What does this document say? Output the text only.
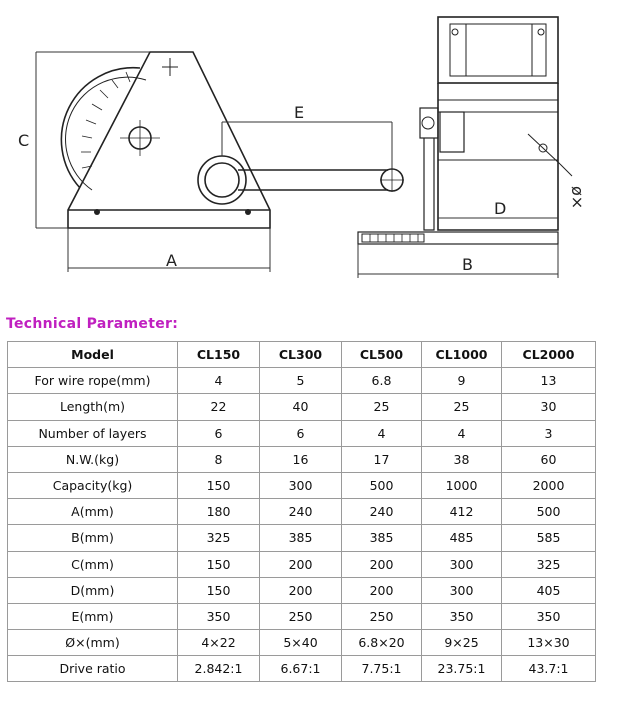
C
A
E
D
B
ø×
Technical Parameter:
Model	CL150	CL300	CL500	CL1000	CL2000
For wire rope(mm)	4	5	6.8	9	13
Length(m)	22	40	25	25	30
Number of layers	6	6	4	4	3
N.W.(kg)	8	16	17	38	60
Capacity(kg)	150	300	500	1000	2000
A(mm)	180	240	240	412	500
B(mm)	325	385	385	485	585
C(mm)	150	200	200	300	325
D(mm)	150	200	200	300	405
E(mm)	350	250	250	350	350
Ø×(mm)	4×22	5×40	6.8×20	9×25	13×30
Drive ratio	2.842:1	6.67:1	7.75:1	23.75:1	43.7:1
